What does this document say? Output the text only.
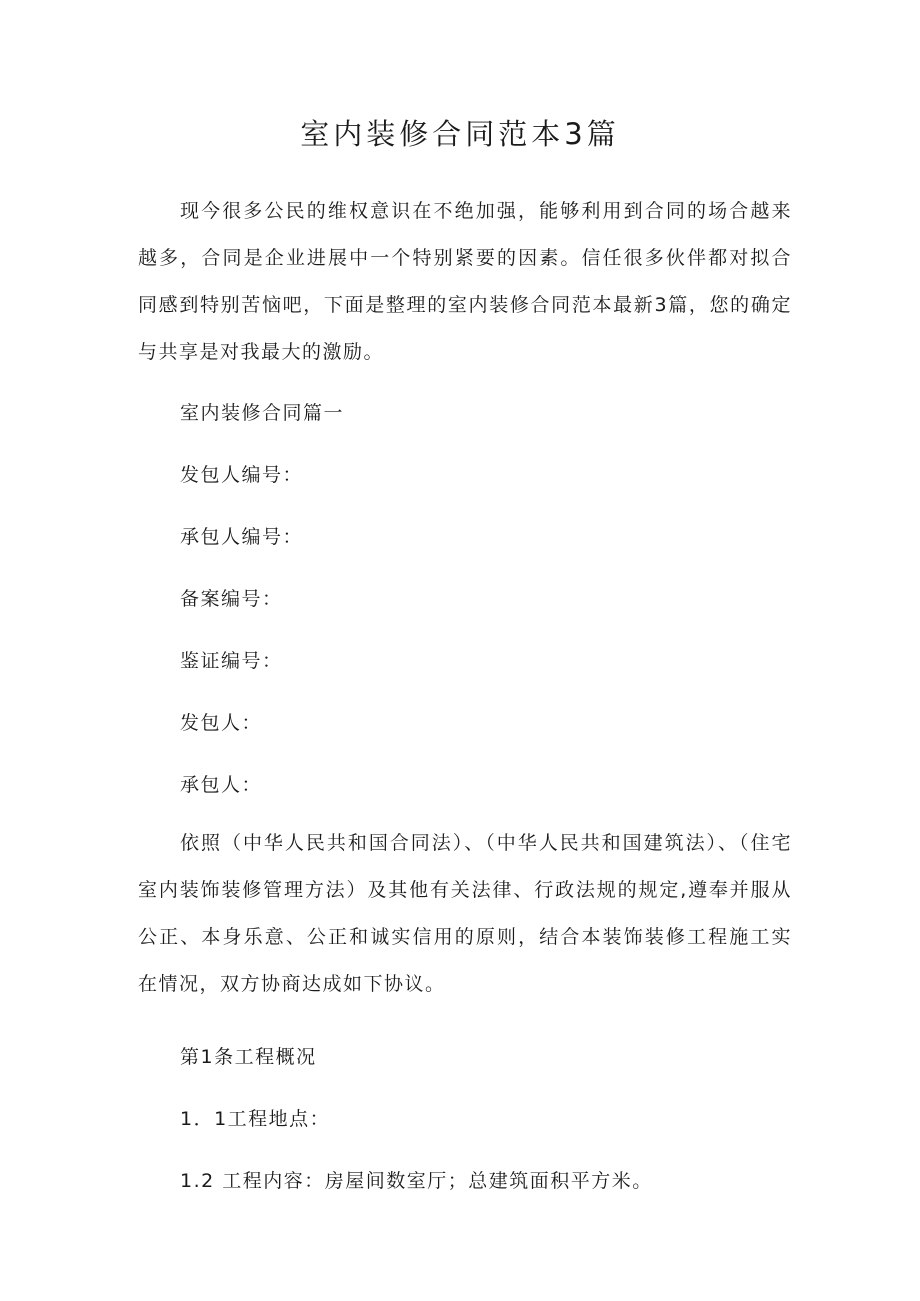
室内装修合同范本3篇

现今很多公民的维权意识在不绝加强，能够利用到合同的场合越来越多，合同是企业进展中一个特别紧要的因素。信任很多伙伴都对拟合同感到特别苦恼吧，下面是整理的室内装修合同范本最新3篇，您的确定与共享是对我最大的激励。

室内装修合同篇一

发包人编号：

承包人编号：

备案编号：

鉴证编号：

发包人：

承包人：

依照（中华人民共和国合同法）、（中华人民共和国建筑法）、（住宅室内装饰装修管理方法）及其他有关法律、行政法规的规定,遵奉并服从公正、本身乐意、公正和诚实信用的原则，结合本装饰装修工程施工实在情况，双方协商达成如下协议。

第1条工程概况

1．1工程地点：

1.2 工程内容：房屋间数室厅；总建筑面积平方米。
